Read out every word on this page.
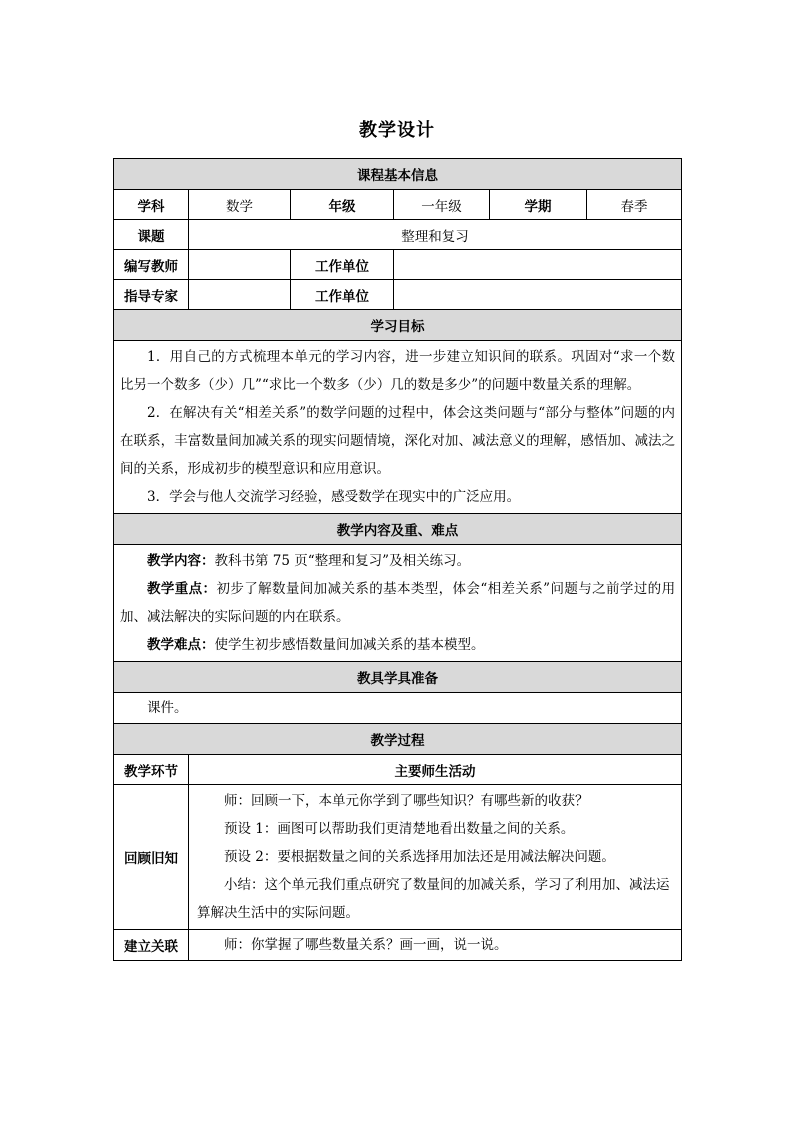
教学设计
课程基本信息					
学科	数学	年级	一年级	学期	春季
课题	整理和复习				
编写教师		工作单位			
指导专家		工作单位			
学习目标					

1．用自己的方式梳理本单元的学习内容，进一步建立知识间的联系。巩固对“求一个数比另一个数多（少）几”“求比一个数多（少）几的数是多少”的问题中数量关系的理解。

2．在解决有关“相差关系”的数学问题的过程中，体会这类问题与“部分与整体”问题的内在联系，丰富数量间加减关系的现实问题情境，深化对加、减法意义的理解，感悟加、减法之间的关系，形成初步的模型意识和应用意识。

3．学会与他人交流学习经验，感受数学在现实中的广泛应用。					

教学内容及重、难点					

教学内容：教科书第 75 页“整理和复习”及相关练习。

教学重点：初步了解数量间加减关系的基本类型，体会“相差关系”问题与之前学过的用加、减法解决的实际问题的内在联系。

教学难点：使学生初步感悟数量间加减关系的基本模型。					

教具学具准备					

课件。					

教学过程					
教学环节	主要师生活动				
回顾旧知	师：回顾一下，本单元你学到了哪些知识？有哪些新的收获？

预设 1：画图可以帮助我们更清楚地看出数量之间的关系。

预设 2：要根据数量之间的关系选择用加法还是用减法解决问题。

小结：这个单元我们重点研究了数量间的加减关系，学习了利用加、减法运算解决生活中的实际问题。				

建立关联	师：你掌握了哪些数量关系？画一画，说一说。				
